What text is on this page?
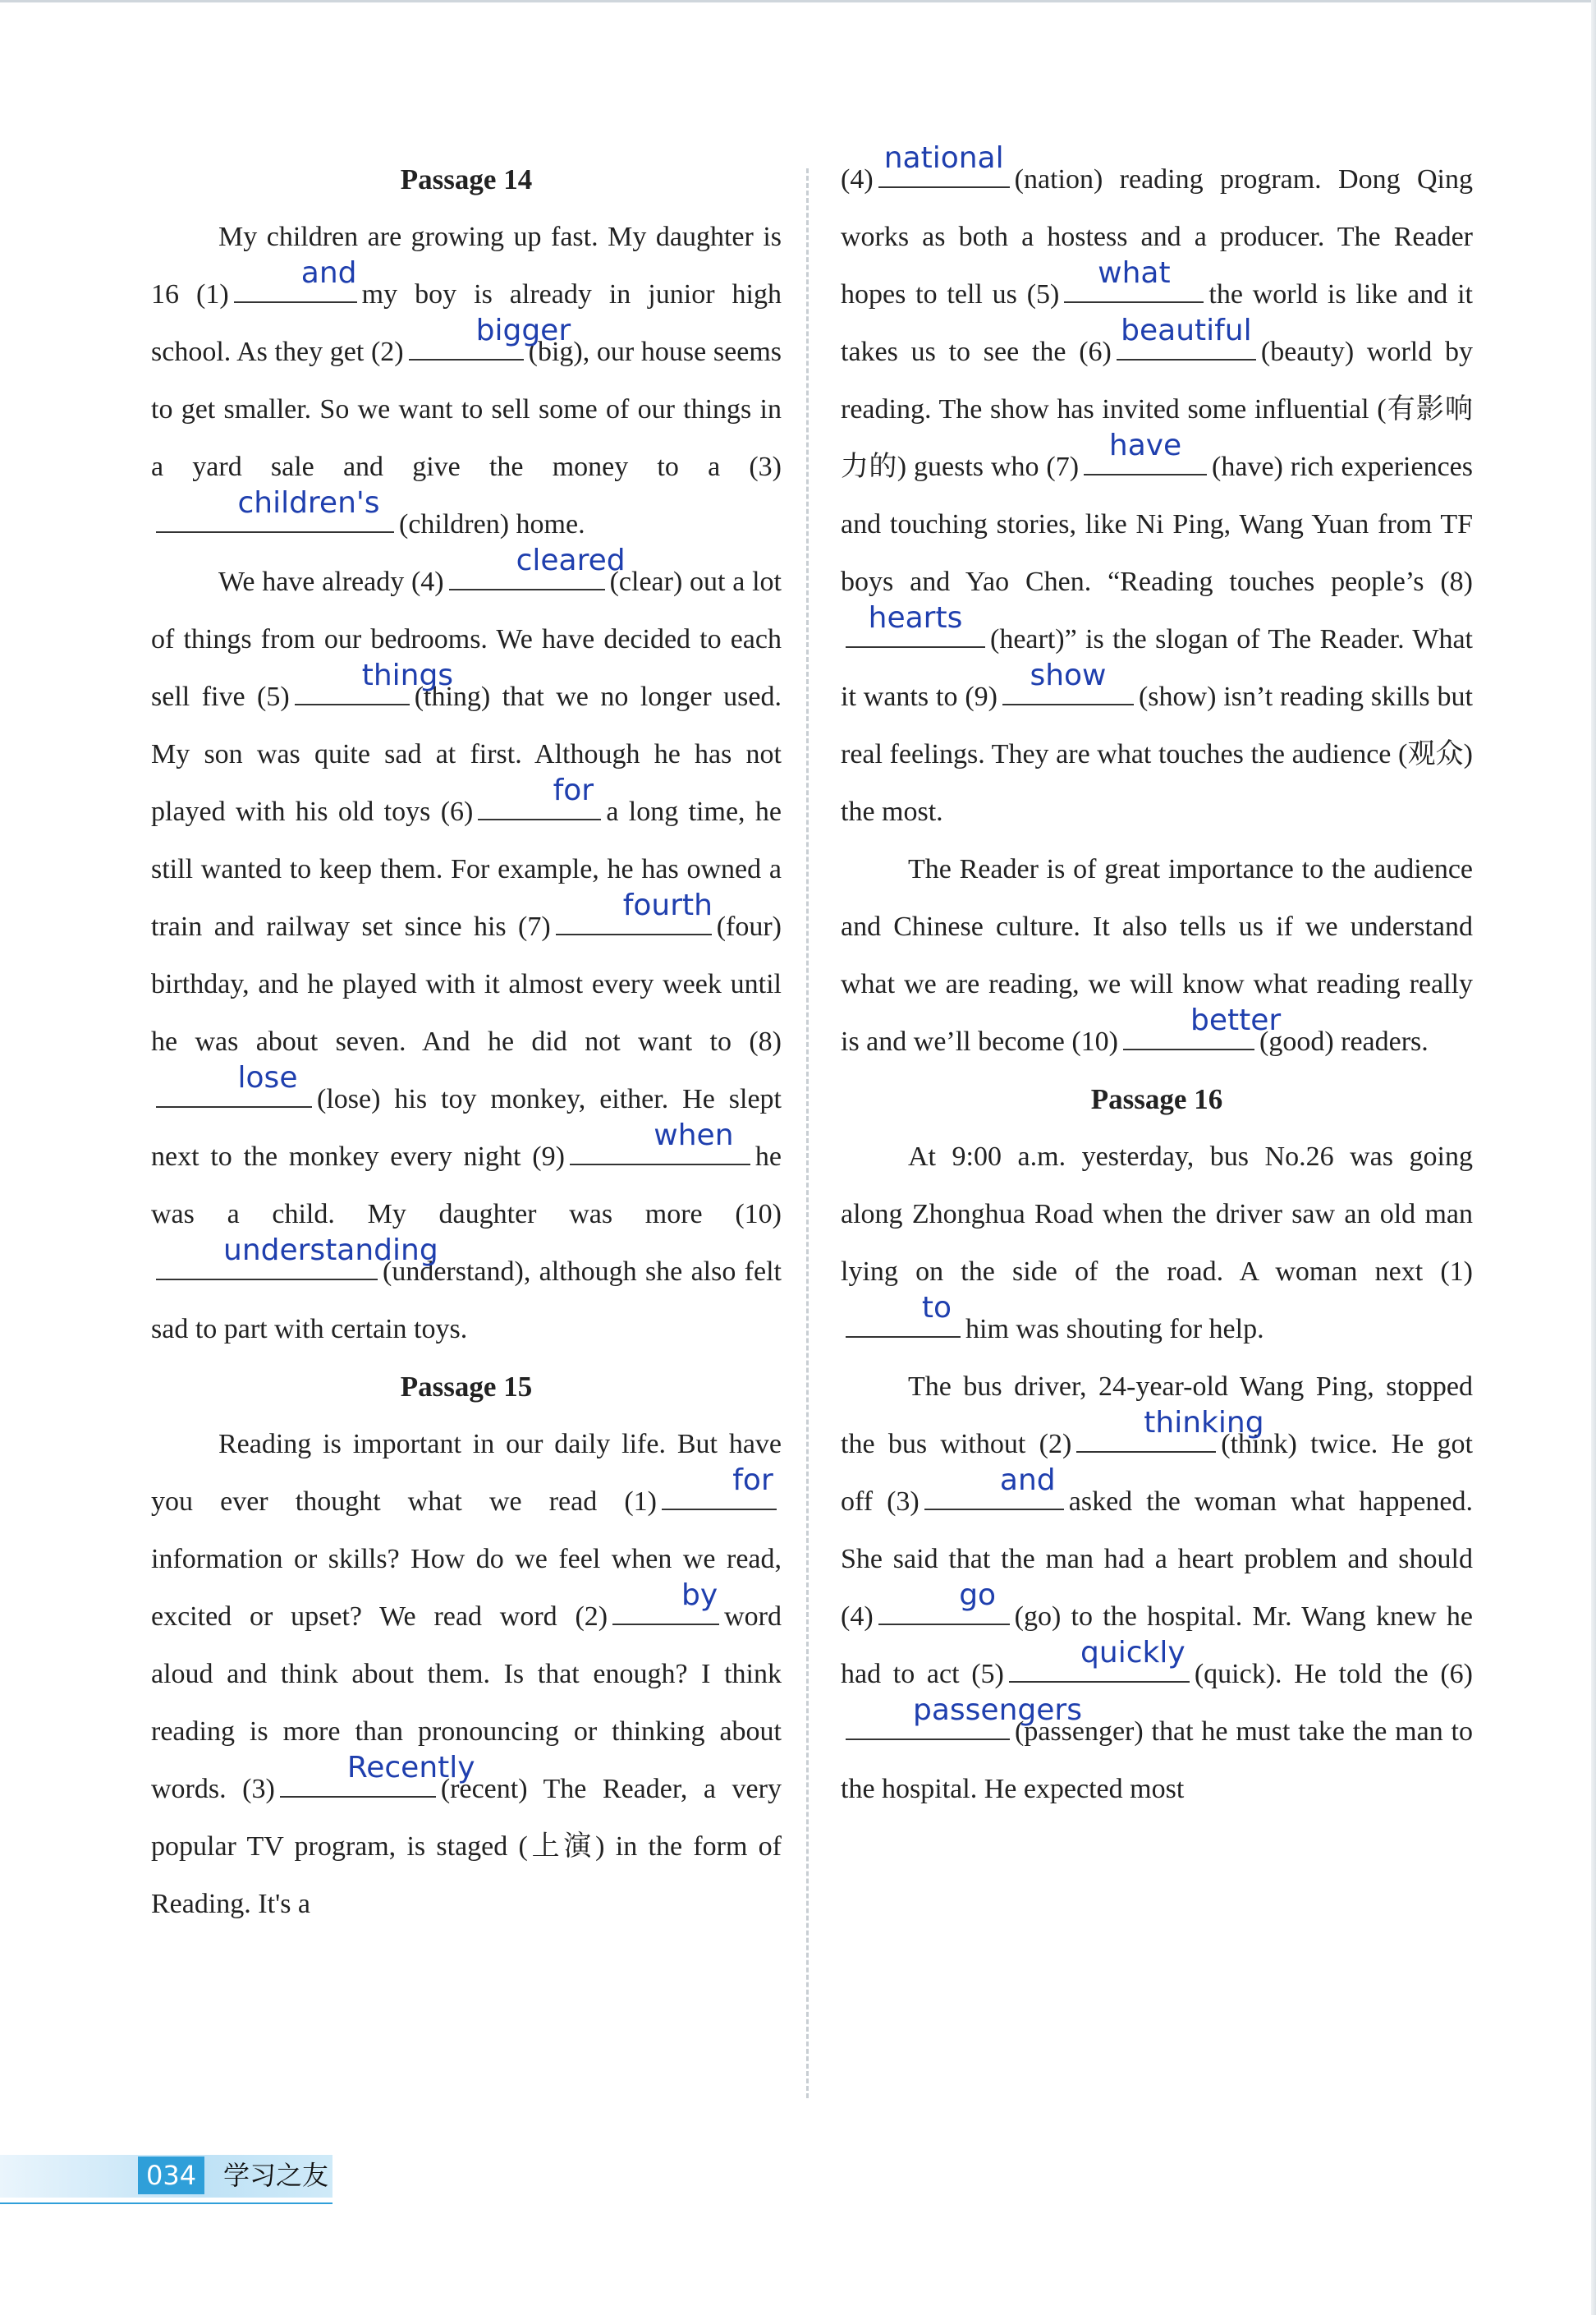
Passage 14

My children are growing up fast. My daughter is 16 (1)
and
my boy is already in junior high school. As they get (2)
bigger
(big), our house seems to get smaller. So we want to sell some of our things in a yard sale and give the money to a (3)
children's
(children) home.

We have already (4)
cleared
(clear) out a lot of things from our bedrooms. We have decided to each sell five (5)
things
(thing) that we no longer used. My son was quite sad at first. Although he has not played with his old toys (6)
for
a long time, he still wanted to keep them. For example, he has owned a train and railway set since his (7)
fourth
(four) birthday, and he played with it almost every week until he was about seven. And he did not want to (8)
lose
(lose) his toy monkey, either. He slept next to the monkey every night (9)
when
he was a child. My daughter was more (10)
understanding
(understand), although she also felt sad to part with certain toys.

Passage 15

Reading is important in our daily life. But have you ever thought what we read (1)
for
information or skills? How do we feel when we read, excited or upset? We read word (2)
by
word aloud and think about them. Is that enough? I think reading is more than pronouncing or thinking about words. (3)
Recently
(recent) The Reader, a very popular TV program, is staged (上演) in the form of Reading. It's a

(4)
national
(nation) reading program. Dong Qing works as both a hostess and a producer. The Reader hopes to tell us (5)
what
the world is like and it takes us to see the (6)
beautiful
(beauty) world by reading. The show has invited some influential (有影响力的) guests who (7)
have
(have) rich experiences and touching stories, like Ni Ping, Wang Yuan from TF boys and Yao Chen. “Reading touches people’s (8)
hearts
(heart)” is the slogan of The Reader. What it wants to (9)
show
(show) isn’t reading skills but real feelings. They are what touches the audience (观众) the most.

The Reader is of great importance to the audience and Chinese culture. It also tells us if we understand what we are reading, we will know what reading really is and we’ll become (10)
better
(good) readers.

Passage 16

At 9:00 a.m. yesterday, bus No.26 was going along Zhonghua Road when the driver saw an old man lying on the side of the road. A woman next (1)
to
him was shouting for help.

The bus driver, 24-year-old Wang Ping, stopped the bus without (2)
thinking
(think) twice. He got off (3)
and
asked the woman what happened. She said that the man had a heart problem and should (4)
go
(go) to the hospital. Mr. Wang knew he had to act (5)
quickly
(quick). He told the (6)
passengers
(passenger) that he must take the man to the hospital. He expected most

034	学习之友
